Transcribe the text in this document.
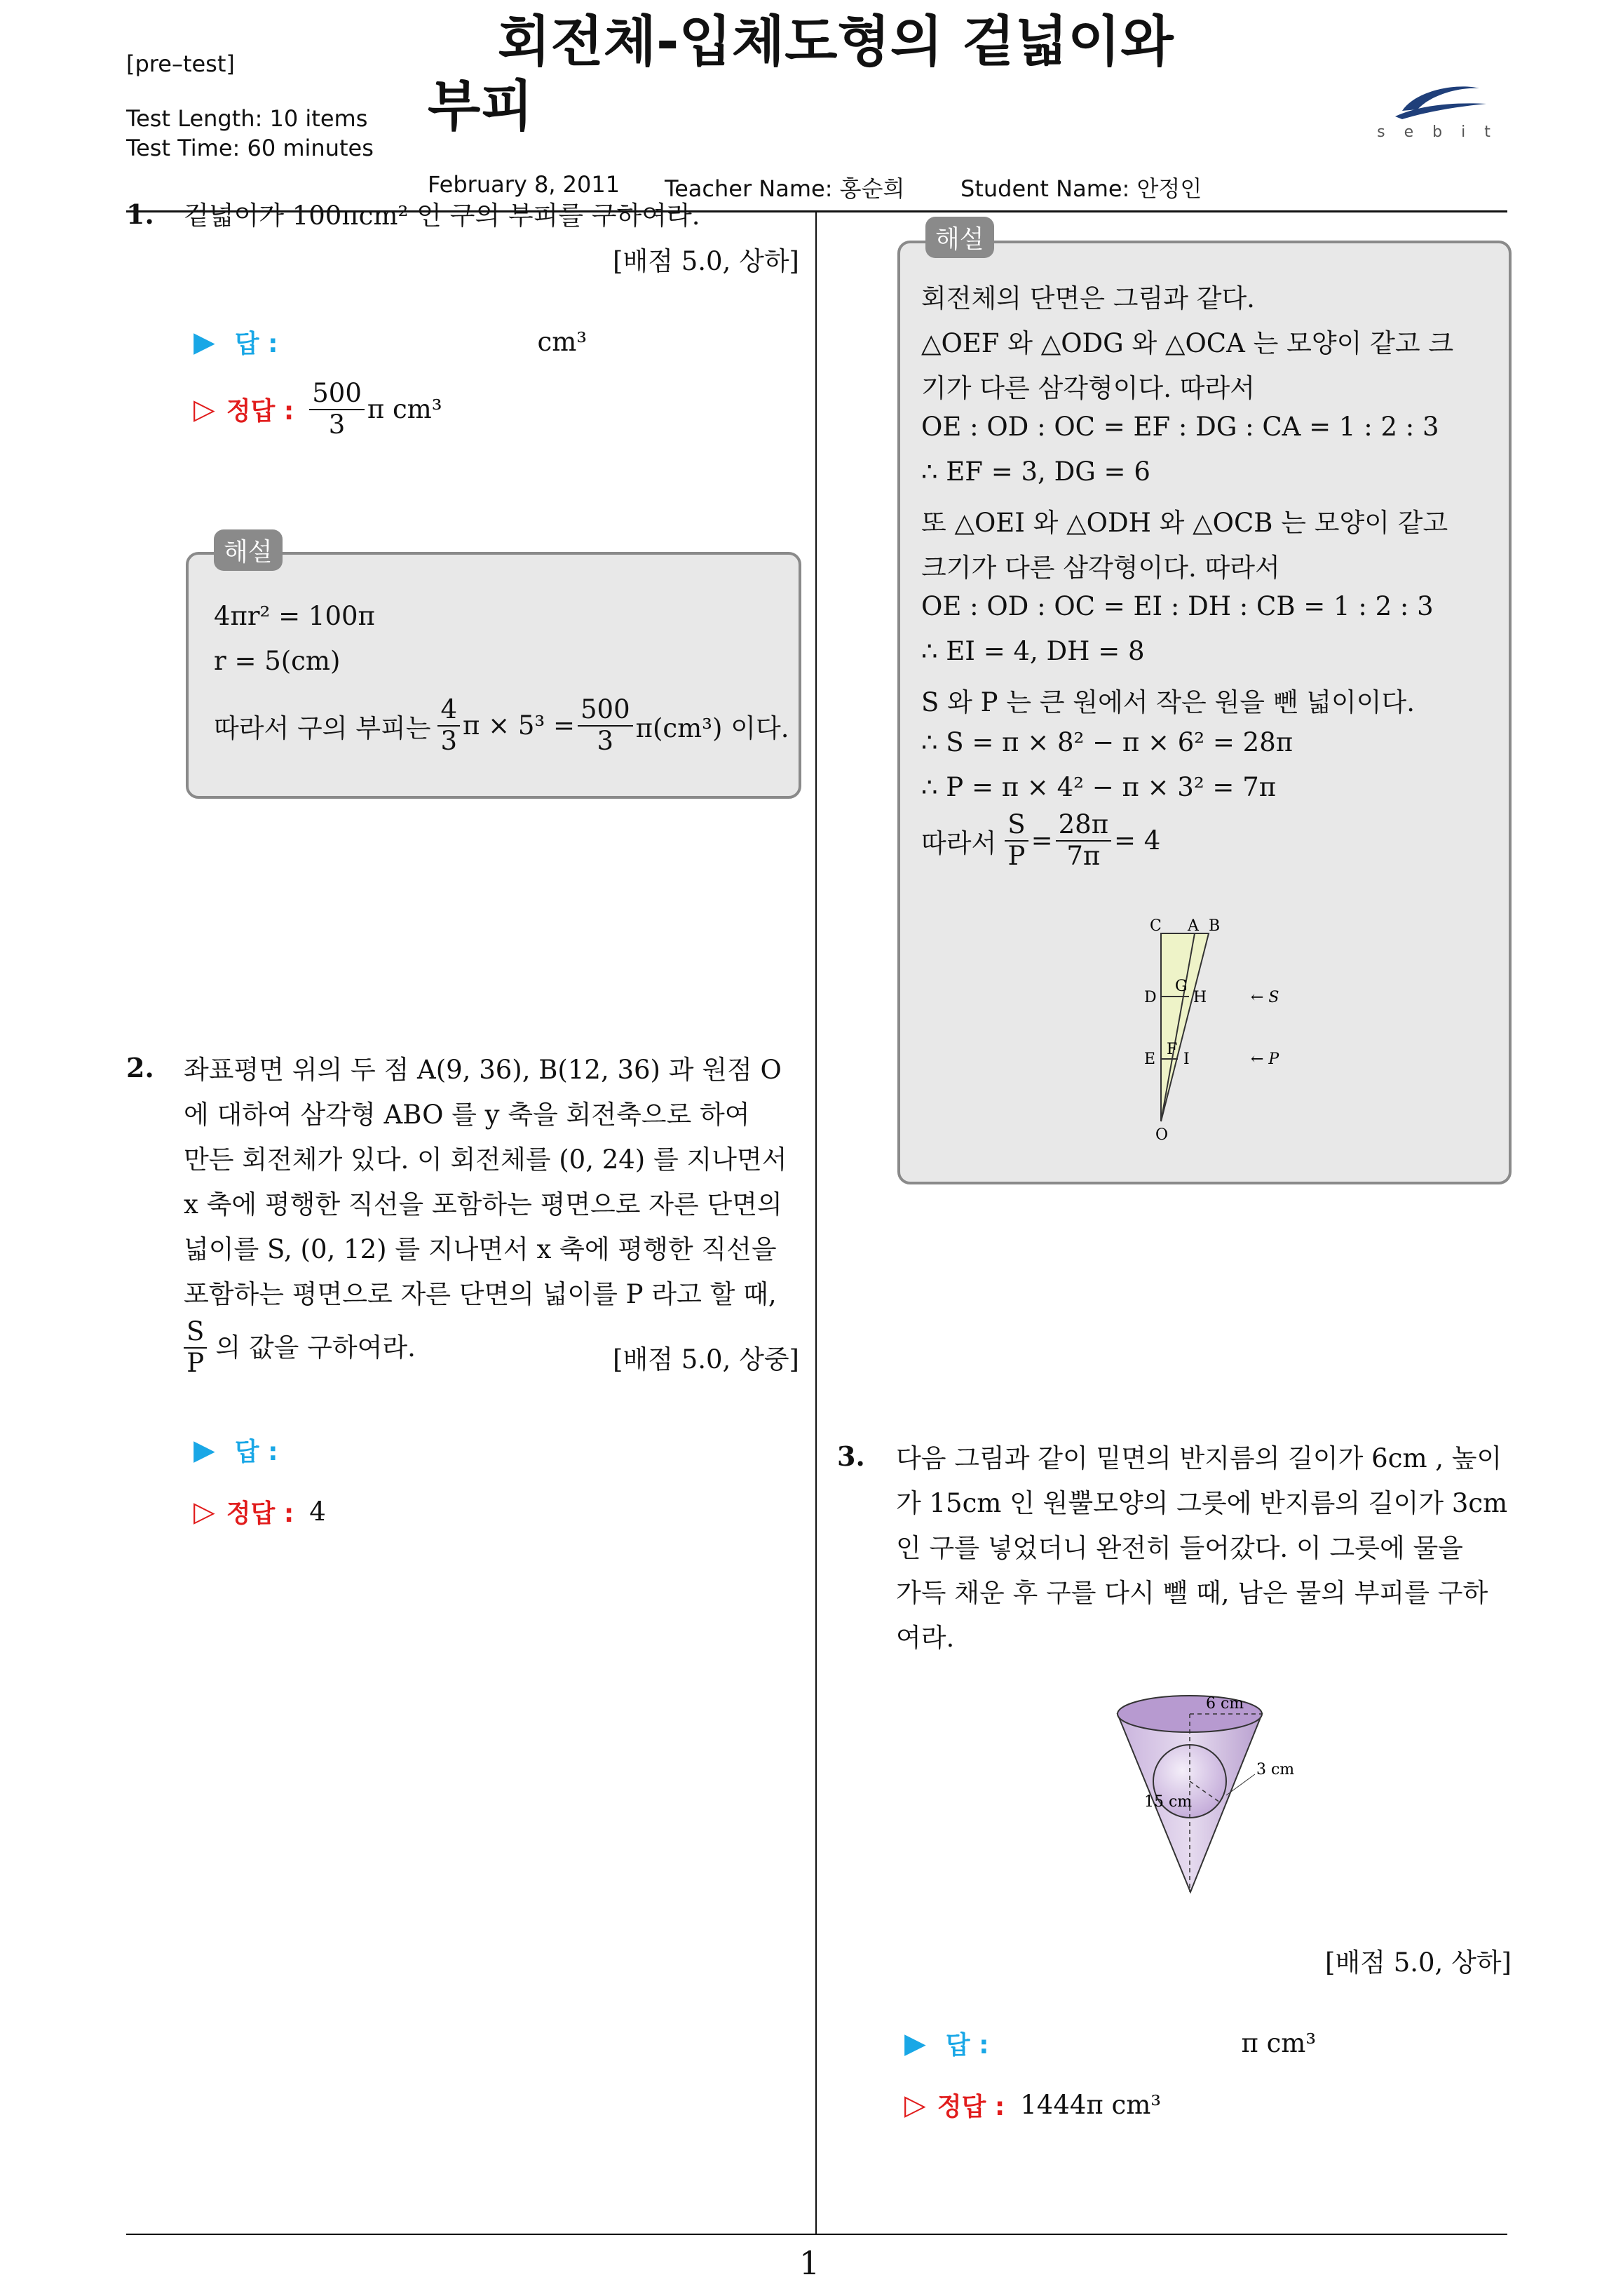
[pre–test]
Test Length: 10 items
Test Time: 60 minutes
회전체-입체도형의 겉넓이와
부피	s e b i t
February 8, 2011 Teacher Name: 홍순희 Student Name: 안정인
1
1. 겉넓이가 100πcm² 인 구의 부피를 구하여라.
[배점 5.0, 상하]
▶ 답 :	cm³
▷ 정답 : $\frac{500}{3}$ π cm³
해설
4πr² = 100π
r = 5(cm)
따라서 구의 부피는 $\frac{4}{3}$ $\pi \times 5^3 = \frac{500}{3} \pi(cm^3)$ 이다.
2. 좌표평면 위의 두 점 A(9, 36), B(12, 36) 과 원점 O
에 대하여 삼각형 ABO 를 y 축을 회전축으로 하여
만든 회전체가 있다. 이 회전체를 (0, 24) 를 지나면서
x 축에 평행한 직선을 포함하는 평면으로 자른 단면의
넓이를 S, (0, 12) 를 지나면서 x 축에 평행한 직선을
포함하는 평면으로 자른 단면의 넓이를 P 라고 할 때,
$\frac{S}{P}$ 의 값을 구하여라.	[배점 5.0, 상중]
▶ 답 :
▷ 정답 : 4
해설
회전체의 단면은 그림과 같다.
△OEF 와 △ODG 와 △OCA 는 모양이 같고 크
기가 다른 삼각형이다. 따라서
OE : OD : OC = EF : DG : CA = 1 : 2 : 3
∴ EF = 3, DG = 6
또 △OEI 와 △ODH 와 △OCB 는 모양이 같고
크기가 다른 삼각형이다. 따라서
OE : OD : OC = EI : DH : CB = 1 : 2 : 3
∴ EI = 4, DH = 8
S 와 P 는 큰 원에서 작은 원을 뺀 넓이이다.
∴ S = π × 8² − π × 6² = 28π
∴ P = π × 4² − π × 3² = 7π
따라서 $\frac{S}{P} = \frac{28\pi}{7\pi} = 4$
C A B
G
D H
E
F
I
O
← S
← P
3. 다음 그림과 같이 밑면의 반지름의 길이가 6cm , 높이
가 15cm 인 원뿔모양의 그릇에 반지름의 길이가 3cm
인 구를 넣었더니 완전히 들어갔다. 이 그릇에 물을
가득 채운 후 구를 다시 뺄 때, 남은 물의 부피를 구하
여라.
6 cm
3 cm
15 cm
[배점 5.0, 상하]
▶ 답 :	π cm³
▷ 정답 : 1444π cm³
